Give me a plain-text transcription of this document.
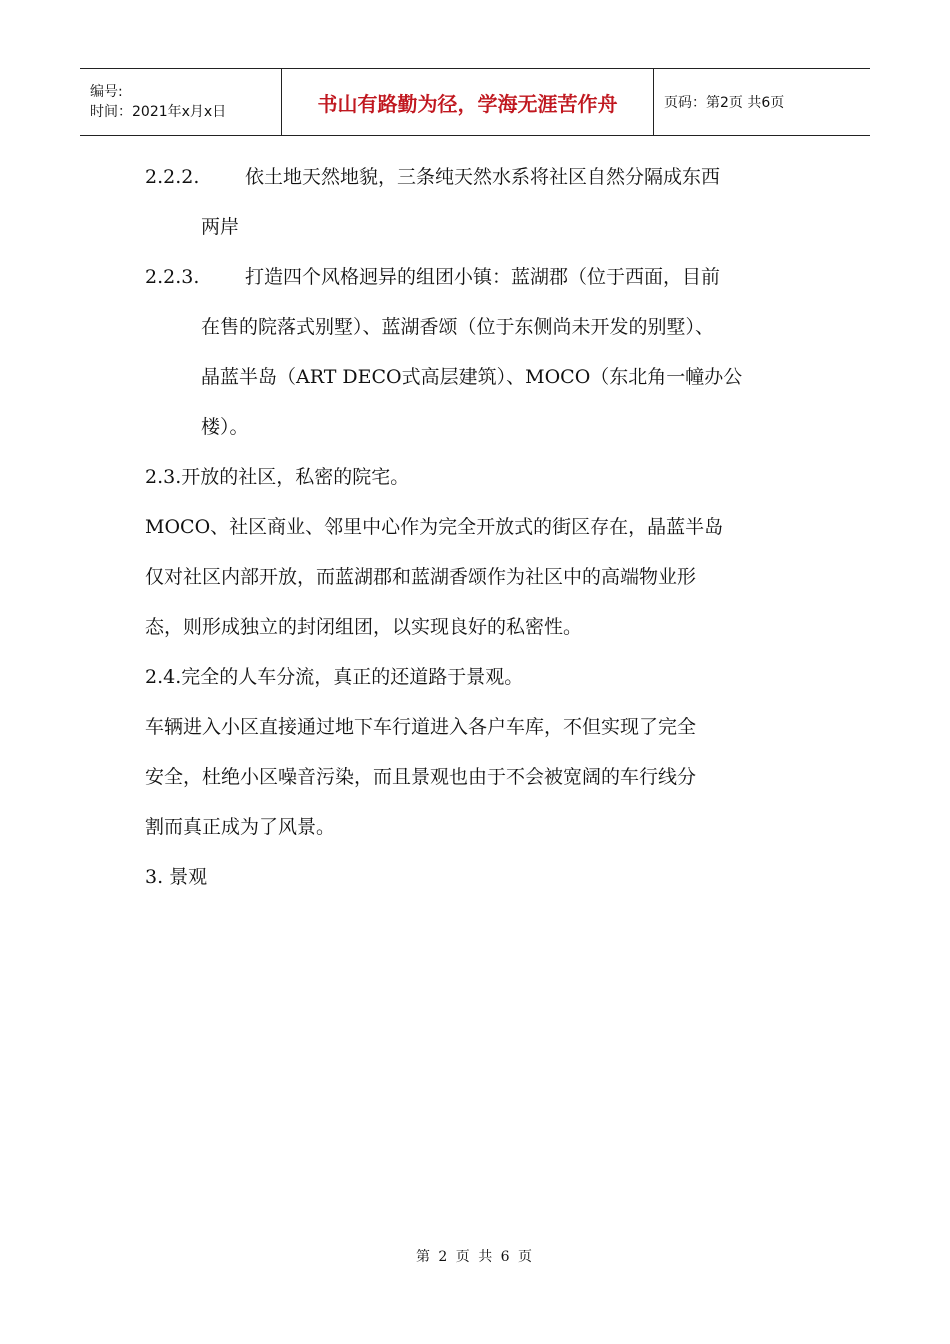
编号:
时间：2021年x月x日	书山有路勤为径，学海无涯苦作舟	页码：第2页 共6页
2.2.2.	依土地天然地貌，三条纯天然水系将社区自然分隔成东西
两岸
2.2.3.	打造四个风格迥异的组团小镇：蓝湖郡（位于西面，目前
在售的院落式别墅）、蓝湖香颂（位于东侧尚未开发的别墅）、
晶蓝半岛（ART DECO式高层建筑）、MOCO（东北角一幢办公
楼）。
2.3.开放的社区，私密的院宅。
MOCO、社区商业、邻里中心作为完全开放式的街区存在，晶蓝半岛
仅对社区内部开放，而蓝湖郡和蓝湖香颂作为社区中的高端物业形
态，则形成独立的封闭组团，以实现良好的私密性。
2.4.完全的人车分流，真正的还道路于景观。
车辆进入小区直接通过地下车行道进入各户车库，不但实现了完全
安全，杜绝小区噪音污染，而且景观也由于不会被宽阔的车行线分
割而真正成为了风景。
3. 景观
第 2 页 共 6 页
